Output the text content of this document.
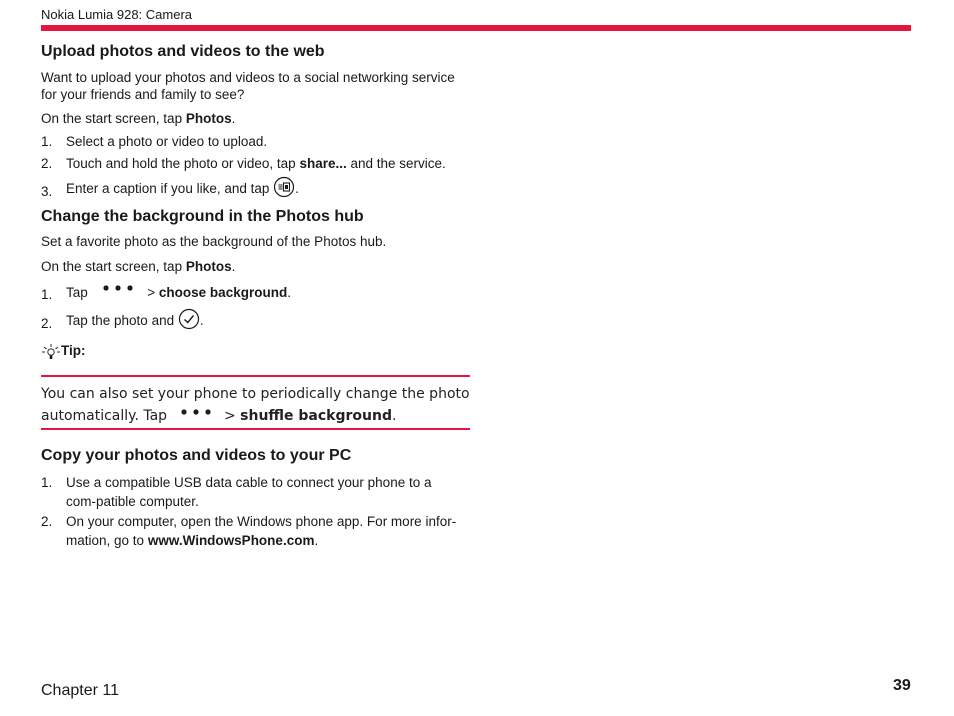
Nokia Lumia 928: Camera
Upload photos and videos to the web
Want to upload your photos and videos to a social networking service for your friends and family to see?
On the start screen, tap Photos.
1. Select a photo or video to upload.
2. Touch and hold the photo or video, tap share... and the service.
3. Enter a caption if you like, and tap .
Change the background in the Photos hub
Set a favorite photo as the background of the Photos hub.
On the start screen, tap Photos.
1. Tap	> choose background.
2. Tap the photo and .
Tip:
You can also set your phone to periodically change the photo automatically. Tap	> shuffle background.
Copy your photos and videos to your PC
1. Use a compatible USB data cable to connect your phone to a com-patible computer.
2. On your computer, open the Windows phone app. For more infor-mation, go to www.WindowsPhone.com.
Chapter 11	39
